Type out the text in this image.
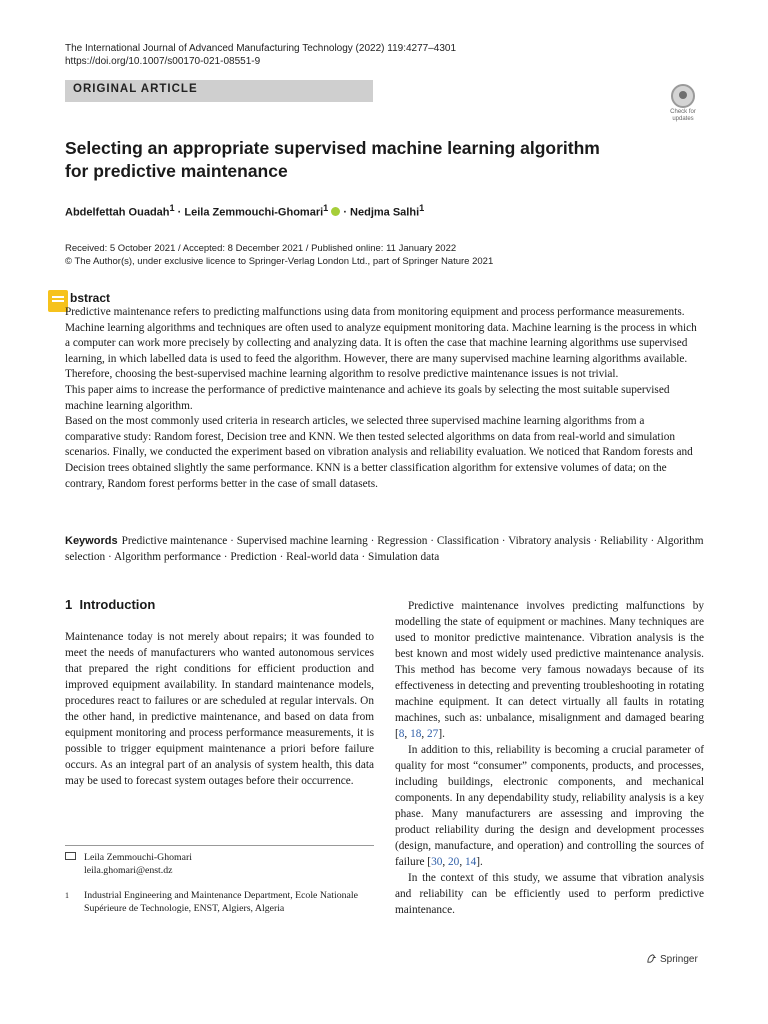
The International Journal of Advanced Manufacturing Technology (2022) 119:4277–4301
https://doi.org/10.1007/s00170-021-08551-9
ORIGINAL ARTICLE
Check for
updates
Selecting an appropriate supervised machine learning algorithm
for predictive maintenance
Abdelfettah Ouadah$^1$ · Leila Zemmouchi-Ghomari$^1$ · Nedjma Salhi$^1$
Received: 5 October 2021 / Accepted: 8 December 2021 / Published online: 11 January 2022
© The Author(s), under exclusive licence to Springer-Verlag London Ltd., part of Springer Nature 2021
bstract

Predictive maintenance refers to predicting malfunctions using data from monitoring equipment and process performance measurements. Machine learning algorithms and techniques are often used to analyze equipment monitoring data. Machine learning is the process in which a computer can work more precisely by collecting and analyzing data. It is often the case that machine learning algorithms use supervised learning, in which labelled data is used to feed the algorithm. However, there are many supervised machine learning algorithms available. Therefore, choosing the best-supervised machine learning algorithm to resolve predictive maintenance issues is not trivial.

This paper aims to increase the performance of predictive maintenance and achieve its goals by selecting the most suitable supervised machine learning algorithm.

Based on the most commonly used criteria in research articles, we selected three supervised machine learning algorithms from a comparative study: Random forest, Decision tree and KNN. We then tested selected algorithms on data from real-world and simulation scenarios. Finally, we conducted the experiment based on vibration analysis and reliability evaluation. We noticed that Random forests and Decision trees obtained slightly the same performance. KNN is a better classification algorithm for extensive volumes of data; on the contrary, Random forest performs better in the case of small datasets.

Keywords Predictive maintenance · Supervised machine learning · Regression · Classification · Vibratory analysis · Reliability · Algorithm selection · Algorithm performance · Prediction · Real-world data · Simulation data
1 Introduction

Maintenance today is not merely about repairs; it was founded to meet the needs of manufacturers who wanted autonomous services that prepared the right conditions for efficient production and improved equipment availability. In standard maintenance models, procedures react to failures or are scheduled at regular intervals. On the other hand, in predictive maintenance, and based on data from equipment monitoring and process performance measurements, it is possible to trigger equipment maintenance a priori before failure occurs. As an integral part of an analysis of system health, this data may be used to forecast system outages before their occurrence.

Predictive maintenance involves predicting malfunctions by modelling the state of equipment or machines. Many techniques are used to monitor predictive maintenance. Vibration analysis is the best known and most widely used predictive maintenance analysis. This method has become very famous nowadays because of its effectiveness in detecting and preventing troubleshooting in rotating machine equipment. It can detect virtually all faults in rotating machines, such as: unbalance, misalignment and damaged bearing [8, 18, 27].

In addition to this, reliability is becoming a crucial parameter of quality for most “consumer” components, products, and processes, including buildings, electronic components, and mechanical components. In any dependability study, reliability analysis is a key phase. Many manufacturers are assessing and improving the product reliability during the design and development processes (design, manufacture, and operation) and controlling the sources of failure [30, 20, 14].

In the context of this study, we assume that vibration analysis and reliability can be efficiently used to perform predictive maintenance.

Leila Zemmouchi-Ghomari
leila.ghomari@enst.dz
1	Industrial Engineering and Maintenance Department, Ecole Nationale Supérieure de Technologie, ENST, Algiers, Algeria
Springer
